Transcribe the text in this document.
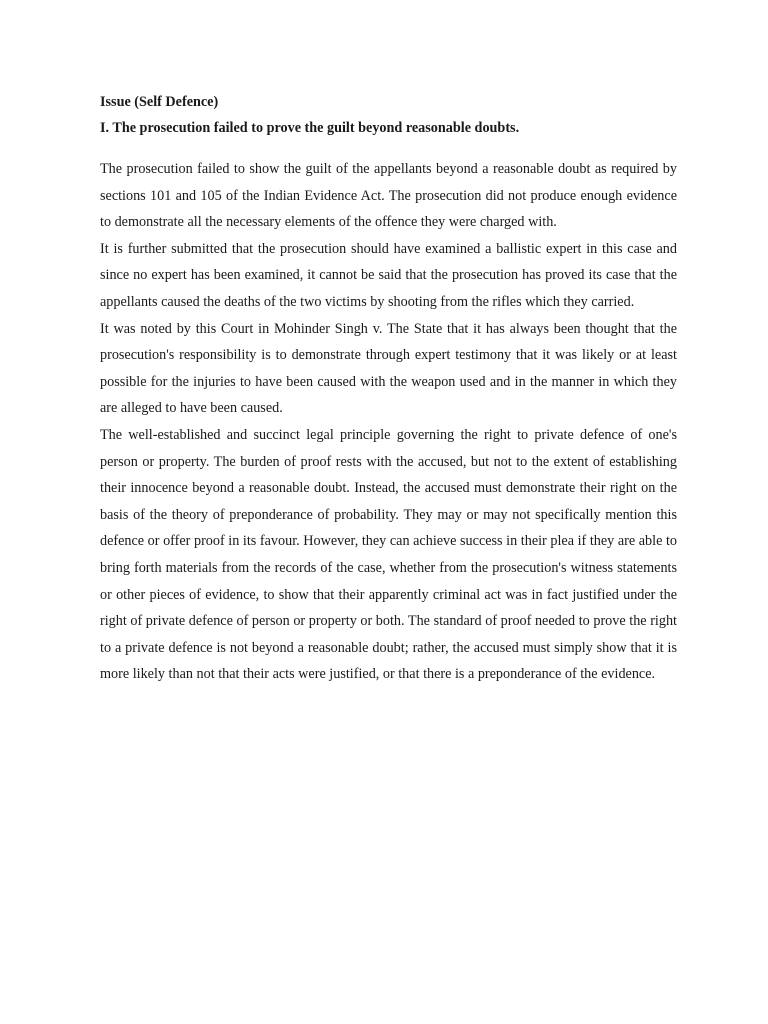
Issue (Self Defence)

I. The prosecution failed to prove the guilt beyond reasonable doubts.

The prosecution failed to show the guilt of the appellants beyond a reasonable doubt as required by sections 101 and 105 of the Indian Evidence Act. The prosecution did not produce enough evidence to demonstrate all the necessary elements of the offence they were charged with.

It is further submitted that the prosecution should have examined a ballistic expert in this case and since no expert has been examined, it cannot be said that the prosecution has proved its case that the appellants caused the deaths of the two victims by shooting from the rifles which they carried.

It was noted by this Court in Mohinder Singh v. The State that it has always been thought that the prosecution's responsibility is to demonstrate through expert testimony that it was likely or at least possible for the injuries to have been caused with the weapon used and in the manner in which they are alleged to have been caused.

The well-established and succinct legal principle governing the right to private defence of one's person or property. The burden of proof rests with the accused, but not to the extent of establishing their innocence beyond a reasonable doubt. Instead, the accused must demonstrate their right on the basis of the theory of preponderance of probability. They may or may not specifically mention this defence or offer proof in its favour. However, they can achieve success in their plea if they are able to bring forth materials from the records of the case, whether from the prosecution's witness statements or other pieces of evidence, to show that their apparently criminal act was in fact justified under the right of private defence of person or property or both. The standard of proof needed to prove the right to a private defence is not beyond a reasonable doubt; rather, the accused must simply show that it is more likely than not that their acts were justified, or that there is a preponderance of the evidence.
